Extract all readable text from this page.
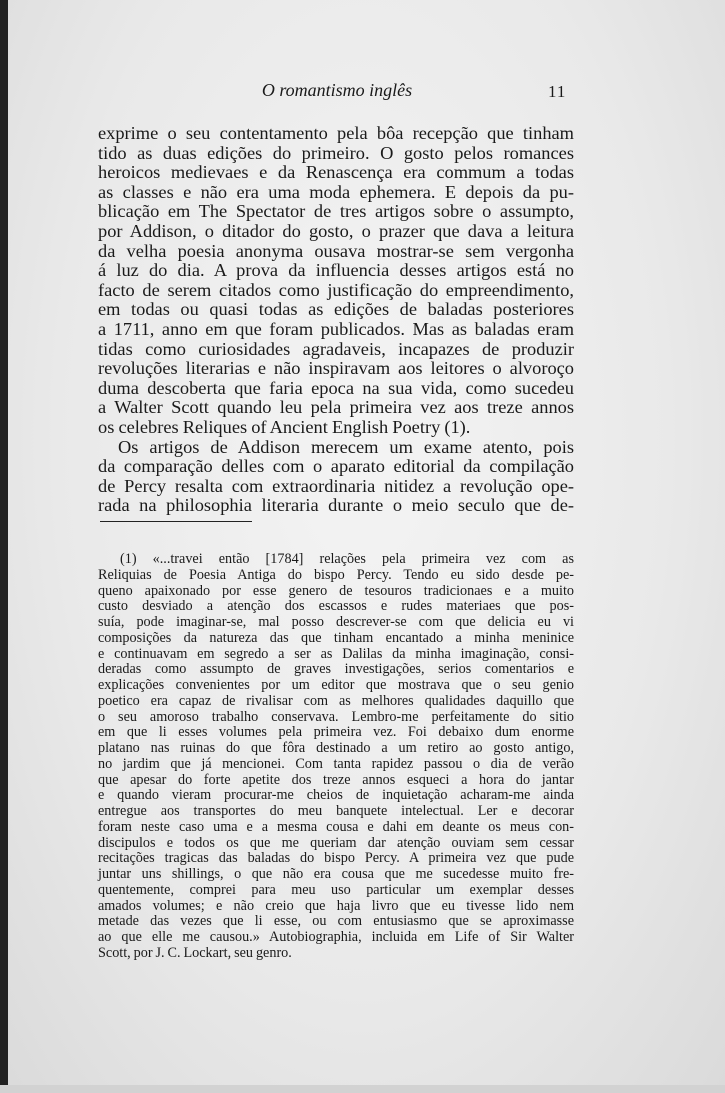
O romantismo inglês	11
exprime o seu contentamento pela bôa recepção que tinham
tido as duas edições do primeiro. O gosto pelos romances
heroicos medievaes e da Renascença era commum a todas
as classes e não era uma moda ephemera. E depois da pu-
blicação em The Spectator de tres artigos sobre o assumpto,
por Addison, o ditador do gosto, o prazer que dava a leitura
da velha poesia anonyma ousava mostrar-se sem vergonha
á luz do dia. A prova da influencia desses artigos está no
facto de serem citados como justificação do empreendimento,
em todas ou quasi todas as edições de baladas posteriores
a 1711, anno em que foram publicados. Mas as baladas eram
tidas como curiosidades agradaveis, incapazes de produzir
revoluções literarias e não inspiravam aos leitores o alvoroço
duma descoberta que faria epoca na sua vida, como sucedeu
a Walter Scott quando leu pela primeira vez aos treze annos
os celebres Reliques of Ancient English Poetry (1).
Os artigos de Addison merecem um exame atento, pois
da comparação delles com o aparato editorial da compilação
de Percy resalta com extraordinaria nitidez a revolução ope-
rada na philosophia literaria durante o meio seculo que de-
(1) «...travei então [1784] relações pela primeira vez com as
Reliquias de Poesia Antiga do bispo Percy. Tendo eu sido desde pe-
queno apaixonado por esse genero de tesouros tradicionaes e a muito
custo desviado a atenção dos escassos e rudes materiaes que pos-
suía, pode imaginar-se, mal posso descrever-se com que delicia eu vi
composições da natureza das que tinham encantado a minha meninice
e continuavam em segredo a ser as Dalilas da minha imaginação, consi-
deradas como assumpto de graves investigações, serios comentarios e
explicações convenientes por um editor que mostrava que o seu genio
poetico era capaz de rivalisar com as melhores qualidades daquillo que
o seu amoroso trabalho conservava. Lembro-me perfeitamente do sitio
em que li esses volumes pela primeira vez. Foi debaixo dum enorme
platano nas ruinas do que fôra destinado a um retiro ao gosto antigo,
no jardim que já mencionei. Com tanta rapidez passou o dia de verão
que apesar do forte apetite dos treze annos esqueci a hora do jantar
e quando vieram procurar-me cheios de inquietação acharam-me ainda
entregue aos transportes do meu banquete intelectual. Ler e decorar
foram neste caso uma e a mesma cousa e dahi em deante os meus con-
discipulos e todos os que me queriam dar atenção ouviam sem cessar
recitações tragicas das baladas do bispo Percy. A primeira vez que pude
juntar uns shillings, o que não era cousa que me sucedesse muito fre-
quentemente, comprei para meu uso particular um exemplar desses
amados volumes; e não creio que haja livro que eu tivesse lido nem
metade das vezes que li esse, ou com entusiasmo que se aproximasse
ao que elle me causou.» Autobiographia, incluida em Life of Sir Walter
Scott, por J. C. Lockart, seu genro.
